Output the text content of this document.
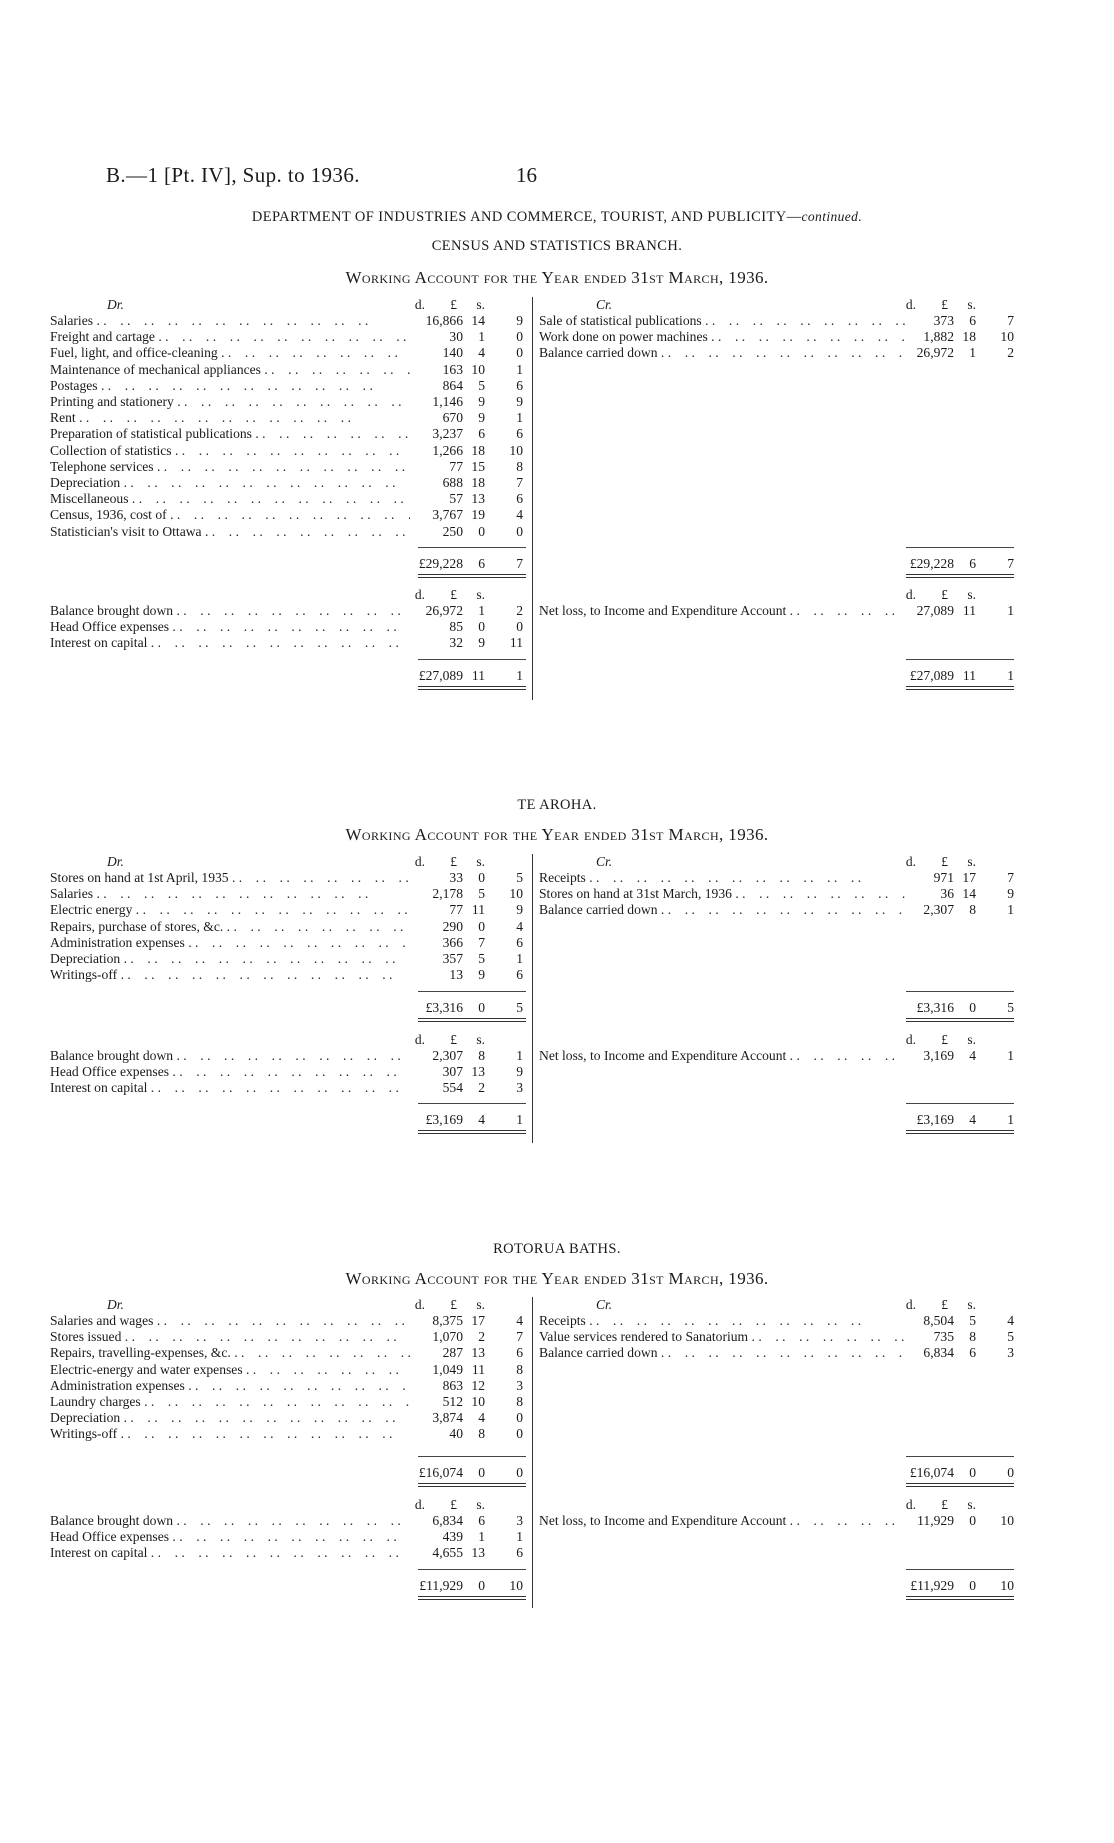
B.—1 [Pt. IV], Sup. to 1936.	16
DEPARTMENT OF INDUSTRIES AND COMMERCE, TOURIST, AND PUBLICITY—continued.
CENSUS AND STATISTICS BRANCH.
Working Account for the Year ended 31st March, 1936.
£	s.
d.
Dr.	£	s.
d.
Cr.
Salaries . .	16,866 14	9
Freight and cartage . .	30	1	0
Fuel, light, and office-cleaning . .	140	4	0
Maintenance of mechanical appliances . .	163 10	1
Postages . .	864	5	6
Printing and stationery . .	1,146	9	9
Rent . .	670	9	1
Preparation of statistical publications . .	3,237	6	6
Collection of statistics . .	1,266 18	10
Telephone services . .	77 15	8
Depreciation . .	688 18	7
Miscellaneous . .	57 13	6
Census, 1936, cost of . .	3,767 19	4
Statistician's visit to Ottawa . .	250	0	0
Sale of statistical publications . .	373	6	7
Work done on power machines . .	1,882 18	10
Balance carried down . .	26,972	1	2
£29,228	6	7	£29,228	6	7
£	s.
d.	£	s.
d.
Balance brought down . .	26,972	1	2
Head Office expenses . .	85	0	0
Interest on capital . .	32	9	11
Net loss, to Income and Expenditure Account . .	27,089 11	1
£27,089 11	1	£27,089 11	1
TE AROHA.
Working Account for the Year ended 31st March, 1936.
£	s.
d.
Dr.	£	s.
d.
Cr.
Stores on hand at 1st April, 1935 . .	33	0	5
Salaries . .	2,178	5	10
Electric energy . .	77 11	9
Repairs, purchase of stores, &c. . .	290	0	4
Administration expenses . .	366	7	6
Depreciation . .	357	5	1
Writings-off . .	13	9	6
Receipts . .	971 17	7
Stores on hand at 31st March, 1936 . .	36 14	9
Balance carried down . .	2,307	8	1
£3,316	0	5	£3,316	0	5
£	s.
d.	£	s.
d.
Balance brought down . .	2,307	8	1
Head Office expenses . .	307 13	9
Interest on capital . .	554	2	3
Net loss, to Income and Expenditure Account . .	3,169	4	1
£3,169	4	1	£3,169	4	1
ROTORUA BATHS.
Working Account for the Year ended 31st March, 1936.
£	s.
d.
Dr.	£	s.
d.
Cr.
Salaries and wages . .	8,375 17	4
Stores issued . .	1,070	2	7
Repairs, travelling-expenses, &c. . .	287 13	6
Electric-energy and water expenses . .	1,049 11	8
Administration expenses . .	863 12	3
Laundry charges . .	512 10	8
Depreciation . .	3,874	4	0
Writings-off . .	40	8	0
Receipts . .	8,504	5	4
Value services rendered to Sanatorium . .	735	8	5
Balance carried down . .	6,834	6	3
£16,074	0	0	£16,074	0	0
£	s.
d.	£	s.
d.
Balance brought down . .	6,834	6	3
Head Office expenses . .	439	1	1
Interest on capital . .	4,655 13	6
Net loss, to Income and Expenditure Account . .	11,929	0	10
£11,929	0	10	£11,929	0	10
